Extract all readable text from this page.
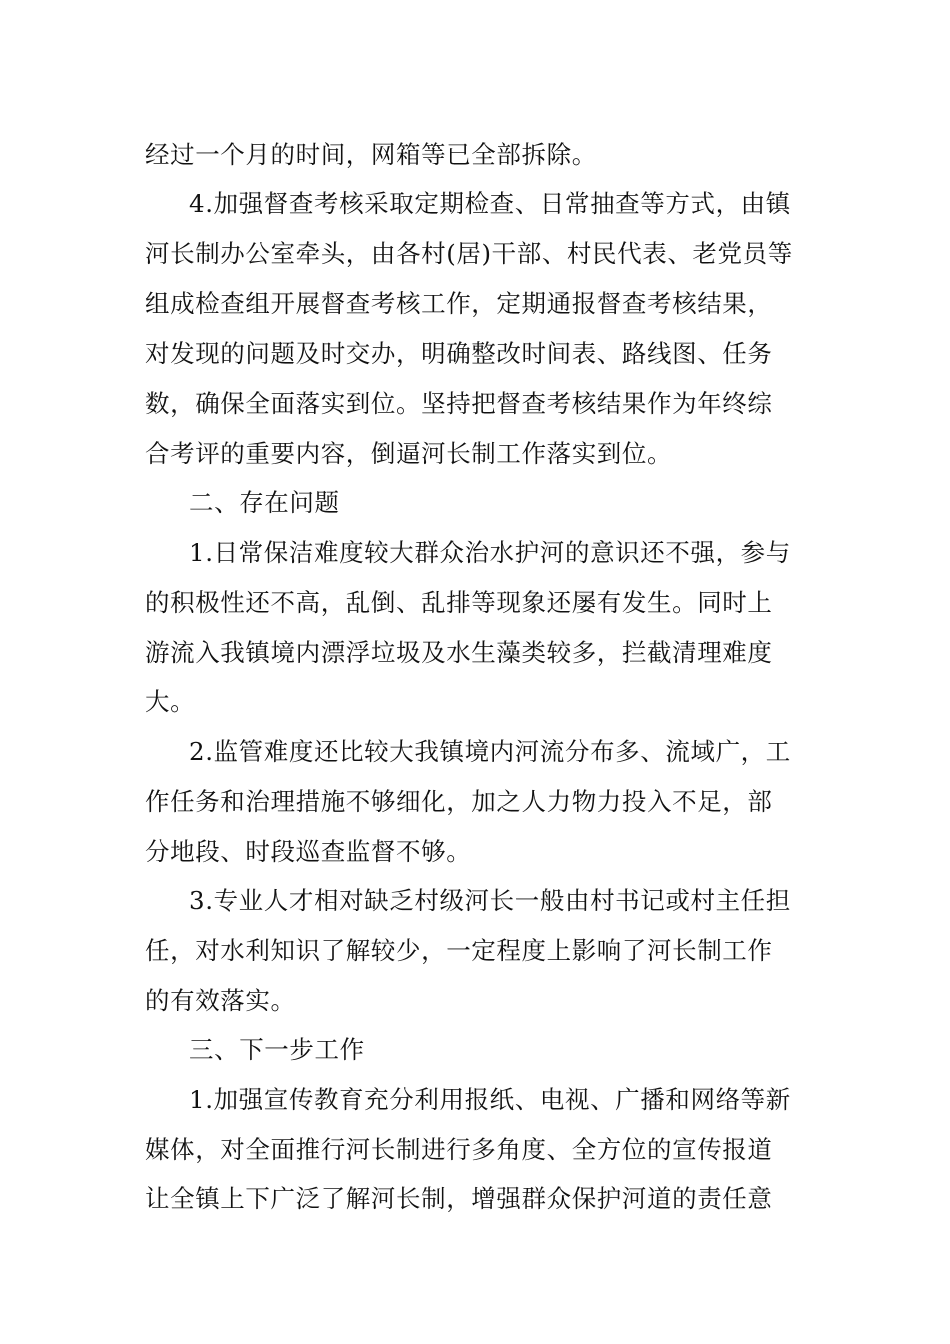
经过一个月的时间，网箱等已全部拆除。
4.加强督查考核采取定期检查、日常抽查等方式，由镇
河长制办公室牵头，由各村(居)干部、村民代表、老党员等
组成检查组开展督查考核工作，定期通报督查考核结果，
对发现的问题及时交办，明确整改时间表、路线图、任务
数，确保全面落实到位。坚持把督查考核结果作为年终综
合考评的重要内容，倒逼河长制工作落实到位。
二、存在问题
1.日常保洁难度较大群众治水护河的意识还不强，参与
的积极性还不高，乱倒、乱排等现象还屡有发生。同时上
游流入我镇境内漂浮垃圾及水生藻类较多，拦截清理难度
大。
2.监管难度还比较大我镇境内河流分布多、流域广，工
作任务和治理措施不够细化，加之人力物力投入不足，部
分地段、时段巡查监督不够。
3.专业人才相对缺乏村级河长一般由村书记或村主任担
任，对水利知识了解较少，一定程度上影响了河长制工作
的有效落实。
三、下一步工作
1.加强宣传教育充分利用报纸、电视、广播和网络等新
媒体，对全面推行河长制进行多角度、全方位的宣传报道
让全镇上下广泛了解河长制，增强群众保护河道的责任意
